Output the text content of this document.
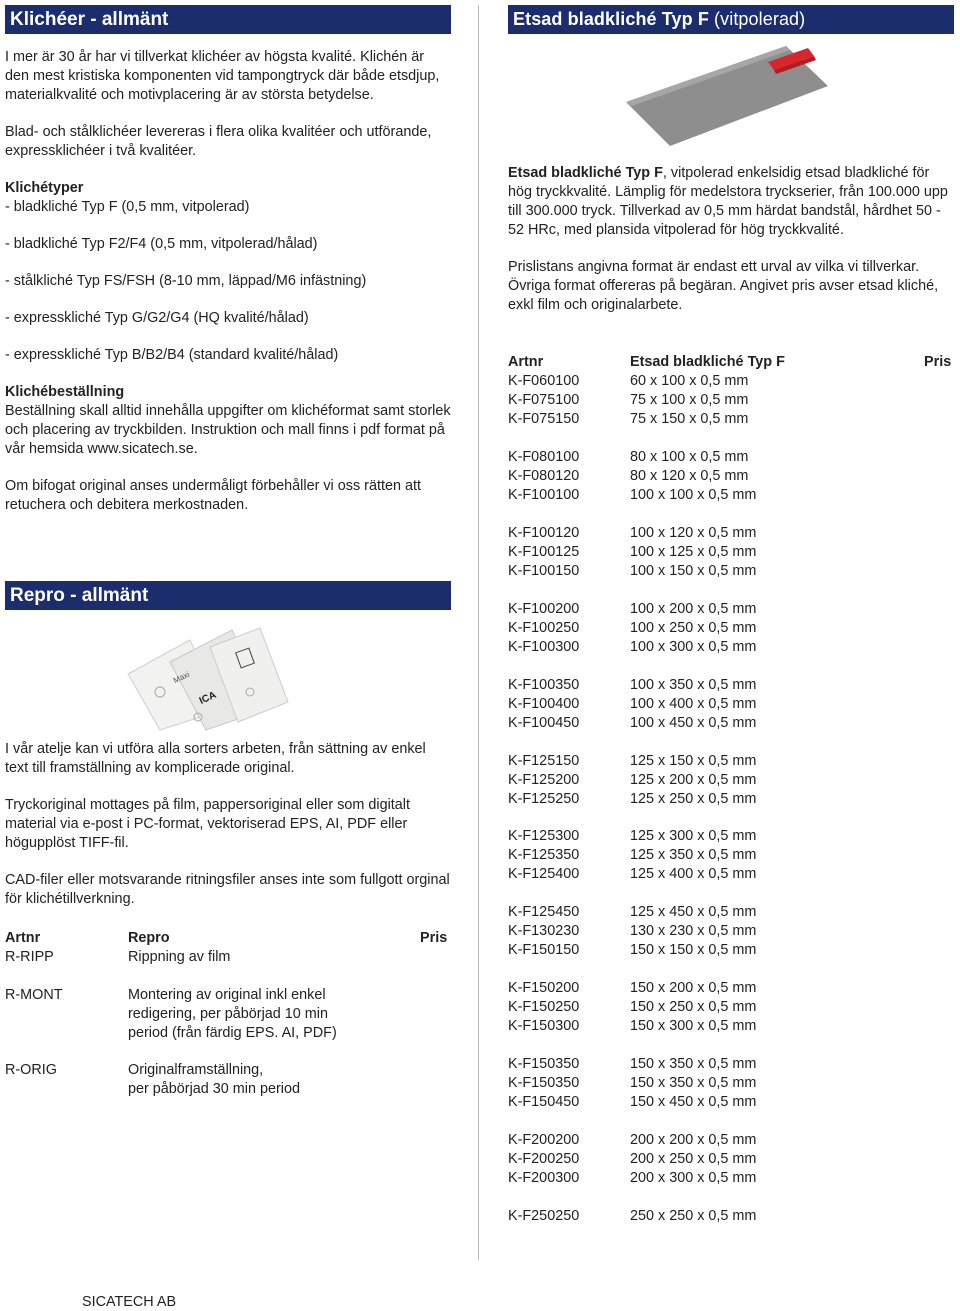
Klichéer - allmänt

I mer är 30 år har vi tillverkat klichéer av högsta kvalité. Klichén är den mest kristiska komponenten vid tampongtryck där både etsdjup, materialkvalité och motivplacering är av största betydelse.

Blad- och stålklichéer levereras i flera olika kvalitéer och utförande, expressklichéer i två kvalitéer.

Klichétyper

- bladkliché Typ F (0,5 mm, vitpolerad)

- bladkliché Typ F2/F4 (0,5 mm, vitpolerad/hålad)

- stålkliché Typ FS/FSH (8-10 mm, läppad/M6 infästning)

- expresskliché Typ G/G2/G4 (HQ kvalité/hålad)

- expresskliché Typ B/B2/B4 (standard kvalité/hålad)

Klichébeställning

Beställning skall alltid innehålla uppgifter om klichéformat samt storlek och placering av tryckbilden. Instruktion och mall finns i pdf format på vår hemsida www.sicatech.se.

Om bifogat original anses undermåligt förbehåller vi oss rätten att retuchera och debitera merkostnaden.

Repro - allmänt
Maxi
ICA

I vår atelje kan vi utföra alla sorters arbeten, från sättning av enkel text till framställning av komplicerade original.

Tryckoriginal mottages på film, pappersoriginal eller som digitalt material via e-post i PC-format, vektoriserad EPS, AI, PDF eller högupplöst TIFF-fil.

CAD-filer eller motsvarande ritningsfiler anses inte som fullgott orginal för klichétillverkning.

Artnr	Repro	Pris
R-RIPP	Rippning av film
R-MONT	Montering av original inkl enkel
redigering, per påbörjad 10 min
period (från färdig EPS. AI, PDF)
R-ORIG	Originalframställning,
per påbörjad 30 min period
Etsad bladkliché Typ F (vitpolerad)

Etsad bladkliché Typ F, vitpolerad enkelsidig etsad bladkliché för hög tryckkvalité. Lämplig för medelstora tryckserier, från 100.000 upp till 300.000 tryck. Tillverkad av 0,5 mm härdat bandstål, hårdhet 50 - 52 HRc, med plansida vitpolerad för hög tryckkvalité.

Prislistans angivna format är endast ett urval av vilka vi tillverkar. Övriga format offereras på begäran. Angivet pris avser etsad kliché, exkl film och originalarbete.

Artnr	Etsad bladkliché Typ F	Pris
K-F060100	60 x 100 x 0,5 mm
K-F075100	75 x 100 x 0,5 mm
K-F075150	75 x 150 x 0,5 mm
K-F080100	80 x 100 x 0,5 mm
K-F080120	80 x 120 x 0,5 mm
K-F100100	100 x 100 x 0,5 mm
K-F100120	100 x 120 x 0,5 mm
K-F100125	100 x 125 x 0,5 mm
K-F100150	100 x 150 x 0,5 mm
K-F100200	100 x 200 x 0,5 mm
K-F100250	100 x 250 x 0,5 mm
K-F100300	100 x 300 x 0,5 mm
K-F100350	100 x 350 x 0,5 mm
K-F100400	100 x 400 x 0,5 mm
K-F100450	100 x 450 x 0,5 mm
K-F125150	125 x 150 x 0,5 mm
K-F125200	125 x 200 x 0,5 mm
K-F125250	125 x 250 x 0,5 mm
K-F125300	125 x 300 x 0,5 mm
K-F125350	125 x 350 x 0,5 mm
K-F125400	125 x 400 x 0,5 mm
K-F125450	125 x 450 x 0,5 mm
K-F130230	130 x 230 x 0,5 mm
K-F150150	150 x 150 x 0,5 mm
K-F150200	150 x 200 x 0,5 mm
K-F150250	150 x 250 x 0,5 mm
K-F150300	150 x 300 x 0,5 mm
K-F150350	150 x 350 x 0,5 mm
K-F150350	150 x 350 x 0,5 mm
K-F150450	150 x 450 x 0,5 mm
K-F200200	200 x 200 x 0,5 mm
K-F200250	200 x 250 x 0,5 mm
K-F200300	200 x 300 x 0,5 mm
K-F250250	250 x 250 x 0,5 mm
SICATECH AB
